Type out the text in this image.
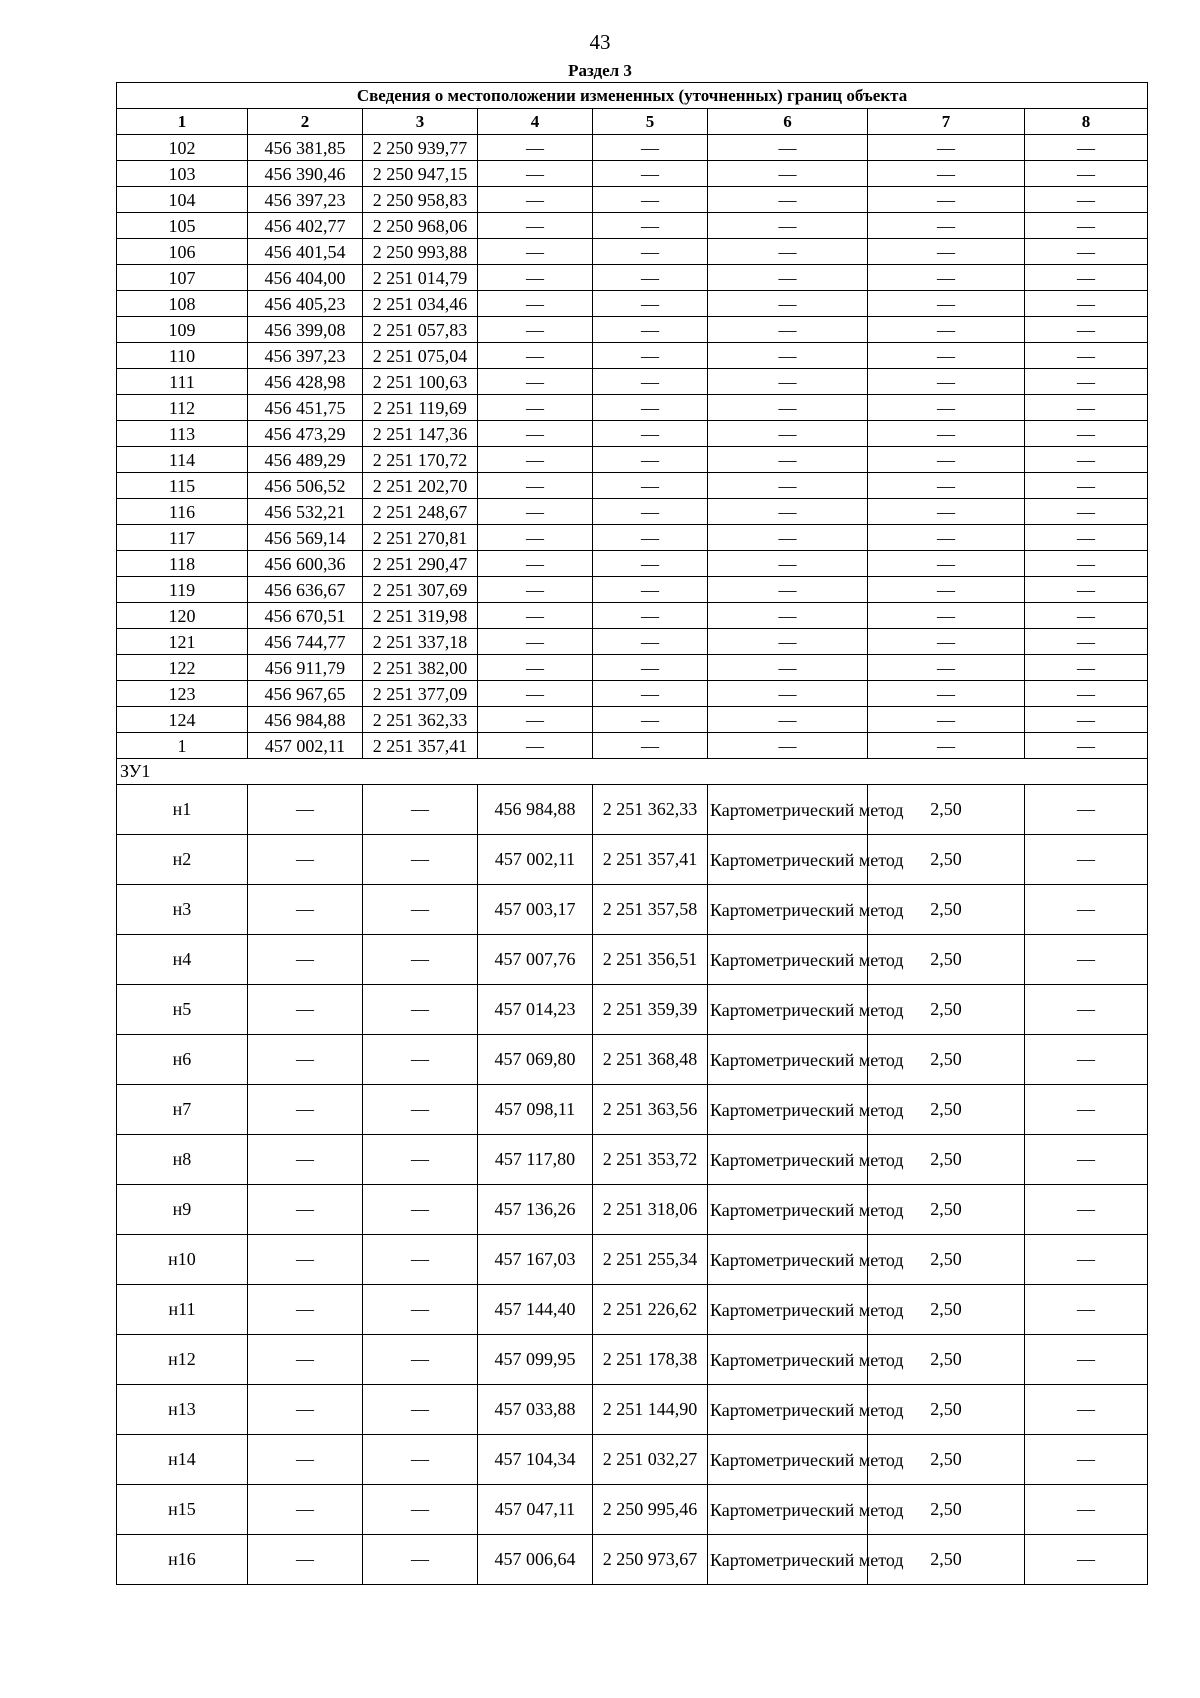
43
Раздел 3
Сведения о местоположении измененных (уточненных) границ объекта							
1	2	3	4	5	6	7	8
102	456 381,85	2 250 939,77	—	—	—	—	—
103	456 390,46	2 250 947,15	—	—	—	—	—
104	456 397,23	2 250 958,83	—	—	—	—	—
105	456 402,77	2 250 968,06	—	—	—	—	—
106	456 401,54	2 250 993,88	—	—	—	—	—
107	456 404,00	2 251 014,79	—	—	—	—	—
108	456 405,23	2 251 034,46	—	—	—	—	—
109	456 399,08	2 251 057,83	—	—	—	—	—
110	456 397,23	2 251 075,04	—	—	—	—	—
111	456 428,98	2 251 100,63	—	—	—	—	—
112	456 451,75	2 251 119,69	—	—	—	—	—
113	456 473,29	2 251 147,36	—	—	—	—	—
114	456 489,29	2 251 170,72	—	—	—	—	—
115	456 506,52	2 251 202,70	—	—	—	—	—
116	456 532,21	2 251 248,67	—	—	—	—	—
117	456 569,14	2 251 270,81	—	—	—	—	—
118	456 600,36	2 251 290,47	—	—	—	—	—
119	456 636,67	2 251 307,69	—	—	—	—	—
120	456 670,51	2 251 319,98	—	—	—	—	—
121	456 744,77	2 251 337,18	—	—	—	—	—
122	456 911,79	2 251 382,00	—	—	—	—	—
123	456 967,65	2 251 377,09	—	—	—	—	—
124	456 984,88	2 251 362,33	—	—	—	—	—
1	457 002,11	2 251 357,41	—	—	—	—	—
ЗУ1							
н1	—	—	456 984,88	2 251 362,33	Картометрический метод	2,50	—
н2	—	—	457 002,11	2 251 357,41	Картометрический метод	2,50	—
н3	—	—	457 003,17	2 251 357,58	Картометрический метод	2,50	—
н4	—	—	457 007,76	2 251 356,51	Картометрический метод	2,50	—
н5	—	—	457 014,23	2 251 359,39	Картометрический метод	2,50	—
н6	—	—	457 069,80	2 251 368,48	Картометрический метод	2,50	—
н7	—	—	457 098,11	2 251 363,56	Картометрический метод	2,50	—
н8	—	—	457 117,80	2 251 353,72	Картометрический метод	2,50	—
н9	—	—	457 136,26	2 251 318,06	Картометрический метод	2,50	—
н10	—	—	457 167,03	2 251 255,34	Картометрический метод	2,50	—
н11	—	—	457 144,40	2 251 226,62	Картометрический метод	2,50	—
н12	—	—	457 099,95	2 251 178,38	Картометрический метод	2,50	—
н13	—	—	457 033,88	2 251 144,90	Картометрический метод	2,50	—
н14	—	—	457 104,34	2 251 032,27	Картометрический метод	2,50	—
н15	—	—	457 047,11	2 250 995,46	Картометрический метод	2,50	—
н16	—	—	457 006,64	2 250 973,67	Картометрический метод	2,50	—
